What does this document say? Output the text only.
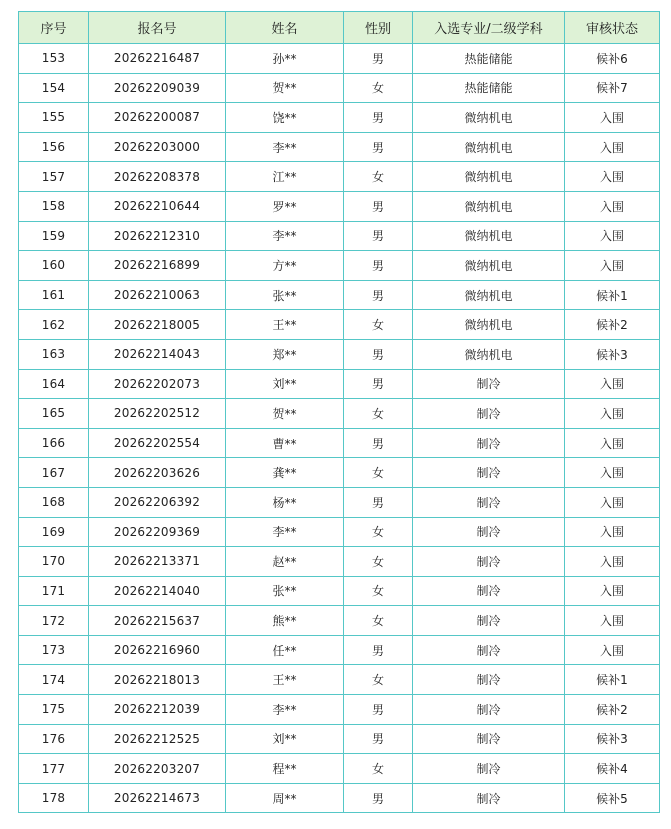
序号	报名号	姓名	性别	入选专业/二级学科	审核状态
153	20262216487	孙**	男	热能储能	候补6
154	20262209039	贺**	女	热能储能	候补7
155	20262200087	饶**	男	微纳机电	入围
156	20262203000	李**	男	微纳机电	入围
157	20262208378	江**	女	微纳机电	入围
158	20262210644	罗**	男	微纳机电	入围
159	20262212310	李**	男	微纳机电	入围
160	20262216899	方**	男	微纳机电	入围
161	20262210063	张**	男	微纳机电	候补1
162	20262218005	王**	女	微纳机电	候补2
163	20262214043	郑**	男	微纳机电	候补3
164	20262202073	刘**	男	制冷	入围
165	20262202512	贺**	女	制冷	入围
166	20262202554	曹**	男	制冷	入围
167	20262203626	龚**	女	制冷	入围
168	20262206392	杨**	男	制冷	入围
169	20262209369	李**	女	制冷	入围
170	20262213371	赵**	女	制冷	入围
171	20262214040	张**	女	制冷	入围
172	20262215637	熊**	女	制冷	入围
173	20262216960	任**	男	制冷	入围
174	20262218013	王**	女	制冷	候补1
175	20262212039	李**	男	制冷	候补2
176	20262212525	刘**	男	制冷	候补3
177	20262203207	程**	女	制冷	候补4
178	20262214673	周**	男	制冷	候补5
